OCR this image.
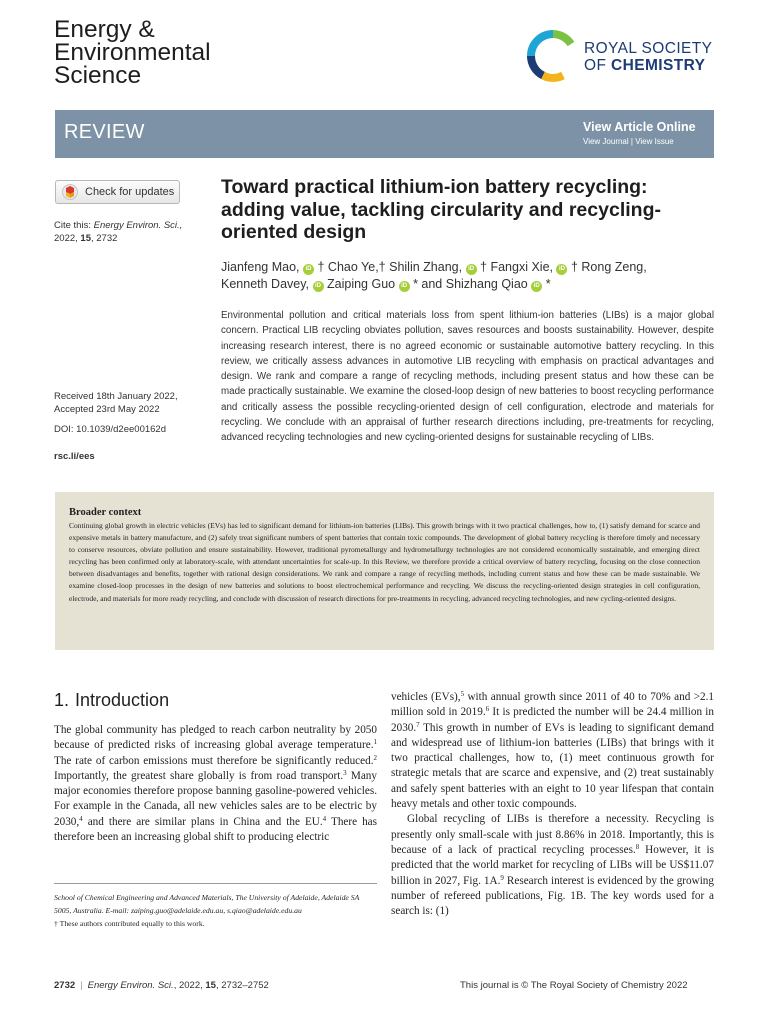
Energy &
Environmental
Science
ROYAL SOCIETY
OF CHEMISTRY
REVIEW	View Article Online
View Journal | View Issue
Check for updates
Cite this: Energy Environ. Sci.,
2022, 15, 2732
Received 18th January 2022,
Accepted 23rd May 2022
DOI: 10.1039/d2ee00162d
rsc.li/ees
Toward practical lithium-ion battery recycling: adding value, tackling circularity and recycling-oriented design
Jianfeng Mao, iD † Chao Ye,† Shilin Zhang, iD † Fangxi Xie, iD † Rong Zeng,
Kenneth Davey, iD Zaiping Guo iD * and Shizhang Qiao iD *
Environmental pollution and critical materials loss from spent lithium-ion batteries (LIBs) is a major global concern. Practical LIB recycling obviates pollution, saves resources and boosts sustainability. However, despite increasing research interest, there is no agreed economic or sustainable automotive battery recycling. In this review, we critically assess advances in automotive LIB recycling with emphasis on practical advantages and design. We rank and compare a range of recycling methods, including present status and how these can be made practically sustainable. We examine the closed-loop design of new batteries to boost recycling performance and critically assess the possible recycling-oriented design of cell configuration, electrode and materials for recycling. We conclude with an appraisal of further research directions including, pre-treatments for recycling, advanced recycling technologies and new cycling-oriented designs for sustainable recycling of LIBs.
Broader context
Continuing global growth in electric vehicles (EVs) has led to significant demand for lithium-ion batteries (LIBs). This growth brings with it two practical challenges, how to, (1) satisfy demand for scarce and expensive metals in battery manufacture, and (2) safely treat significant numbers of spent batteries that contain toxic compounds. The development of global battery recycling is therefore timely and necessary to conserve resources, obviate pollution and ensure sustainability. However, traditional pyrometallurgy and hydrometallurgy technologies are not considered economically sustainable, and emerging direct recycling has been confirmed only at laboratory-scale, with attendant uncertainties for scale-up. In this Review, we therefore provide a critical overview of battery recycling, focusing on the close connection between disadvantages and benefits, together with rational design considerations. We rank and compare a range of recycling methods, including current status and how these can be made sustainable. We examine closed-loop processes in the design of new batteries and solutions to boost electrochemical performance and recycling. We discuss the recycling-oriented design strategies in cell configuration, electrode, and materials for more ready recycling, and conclude with discussion of research directions for pre-treatments in recycling, advanced recycling technologies, and new cycling-oriented designs.
1. Introduction

The global community has pledged to reach carbon neutrality by 2050 because of predicted risks of increasing global average temperature.$^1$ The rate of carbon emissions must therefore be significantly reduced.$^2$ Importantly, the greatest share globally is from road transport.$^3$ Many major economies therefore propose banning gasoline-powered vehicles. For example in the Canada, all new vehicles sales are to be electric by 2030,$^4$ and there are similar plans in China and the EU.$^4$ There has therefore been an increasing global shift to producing electric

vehicles (EVs),$^5$ with annual growth since 2011 of 40 to 70% and >2.1 million sold in 2019.$^6$ It is predicted the number will be 24.4 million in 2030.$^7$ This growth in number of EVs is leading to significant demand and widespread use of lithium-ion batteries (LIBs) that brings with it two practical challenges, how to, (1) meet continuous growth for strategic metals that are scarce and expensive, and (2) treat sustainably and safely spent batteries with an eight to 10 year lifespan that contain heavy metals and other toxic compounds.

Global recycling of LIBs is therefore a necessity. Recycling is presently only small-scale with just 8.86% in 2018. Importantly, this is because of a lack of practical recycling processes.$^8$ However, it is predicted that the world market for recycling of LIBs will be US$11.07 billion in 2027, Fig. 1A.$^9$ Research interest is evidenced by the growing number of refereed publications, Fig. 1B. The key words used for a search is: (1)

School of Chemical Engineering and Advanced Materials, The University of Adelaide, Adelaide SA 5005, Australia. E-mail: zaiping.guo@adelaide.edu.au, s.qiao@adelaide.edu.au
† These authors contributed equally to this work.
2732 | Energy Environ. Sci., 2022, 15, 2732–2752	This journal is © The Royal Society of Chemistry 2022
